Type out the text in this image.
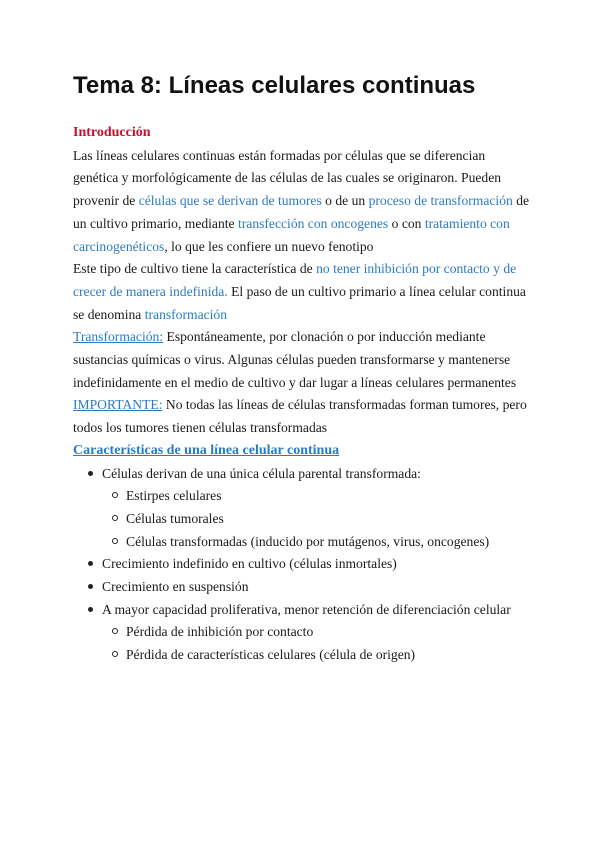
Tema 8: Líneas celulares continuas
Introducción

Las líneas celulares continuas están formadas por células que se diferencian genética y morfológicamente de las células de las cuales se originaron. Pueden provenir de células que se derivan de tumores o de un proceso de transformación de un cultivo primario, mediante transfección con oncogenes o con tratamiento con carcinogenéticos, lo que les confiere un nuevo fenotipo

Este tipo de cultivo tiene la característica de no tener inhibición por contacto y de crecer de manera indefinida. El paso de un cultivo primario a línea celular continua se denomina transformación

Transformación: Espontáneamente, por clonación o por inducción mediante sustancias químicas o virus. Algunas células pueden transformarse y mantenerse indefinidamente en el medio de cultivo y dar lugar a líneas celulares permanentes

IMPORTANTE: No todas las líneas de células transformadas forman tumores, pero todos los tumores tienen células transformadas

Características de una línea celular continua
Células derivan de una única célula parental transformada:
Estirpes celulares
Células tumorales
Células transformadas (inducido por mutágenos, virus, oncogenes)
Crecimiento indefinido en cultivo (células inmortales)
Crecimiento en suspensión
A mayor capacidad proliferativa, menor retención de diferenciación celular
Pérdida de inhibición por contacto
Pérdida de características celulares (célula de origen)
